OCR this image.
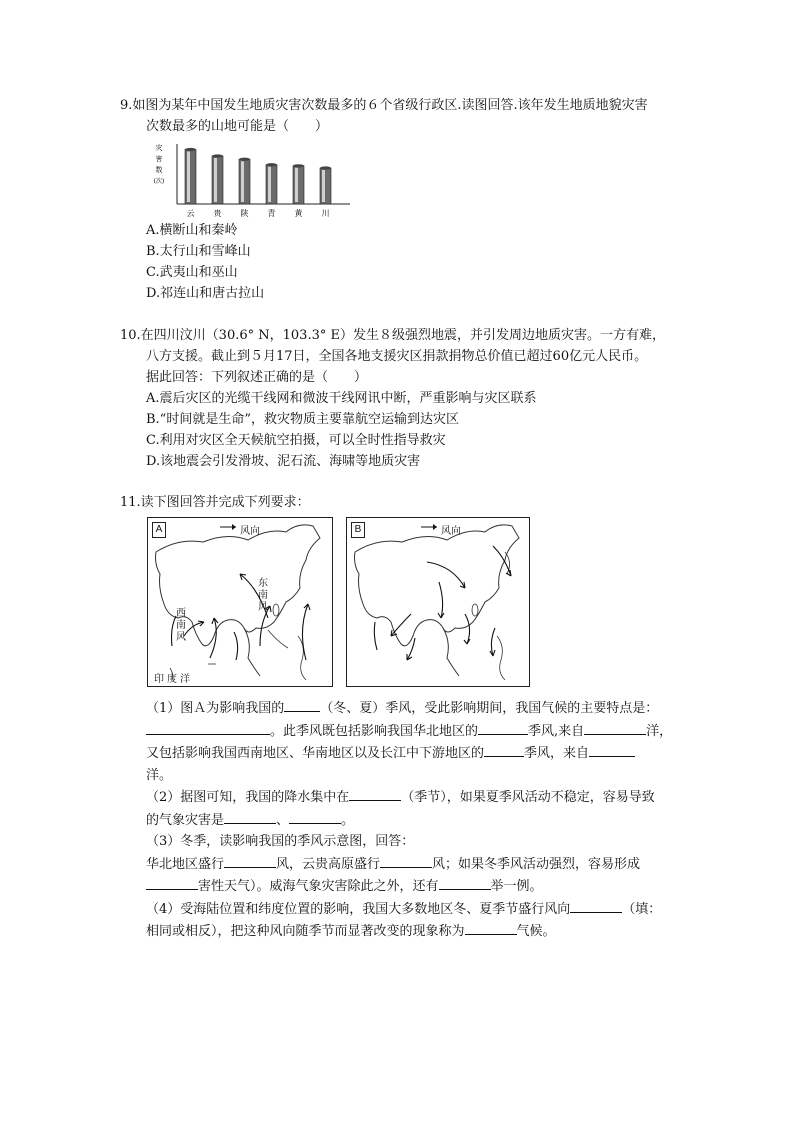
9.如图为某年中国发生地质灾害次数最多的６个省级行政区.读图回答.该年发生地质地貌灾害
次数最多的山地可能是（　　）
灾
害
数
(次)
云 贵 陕 青 黄 川
A.横断山和秦岭
B.太行山和雪峰山
C.武夷山和巫山
D.祁连山和唐古拉山
10.在四川汶川（30.6° N，103.3° E）发生８级强烈地震，并引发周边地质灾害。一方有难，
八方支援。截止到５月17日，全国各地支援灾区捐款捐物总价值已超过60亿元人民币。
据此回答：下列叙述正确的是（　　）
A.震后灾区的光缆干线网和微波干线网讯中断，严重影响与灾区联系
B.“时间就是生命”，救灾物质主要靠航空运输到达灾区
C.利用对灾区全天候航空拍摄，可以全时性指导救灾
D.该地震会引发滑坡、泥石流、海啸等地质灾害
11.读下图回答并完成下列要求：
A	风向
东南风
西南风
印度洋
B	风向
（1）图Ａ为影响我国的	（冬、夏）季风，受此影响期间，我国气候的主要特点是：
。此季风既包括影响我国华北地区的	季风,来自	洋，
又包括影响我国西南地区、华南地区以及长江中下游地区的	季风，来自
洋。
（2）据图可知，我国的降水集中在	（季节），如果夏季风活动不稳定，容易导致
的气象灾害是	、	。
（3）冬季，读影响我国的季风示意图，回答：
华北地区盛行	风，云贵高原盛行	风；如果冬季风活动强烈，容易形成
害性天气）。威海气象灾害除此之外，还有	举一例。
（4）受海陆位置和纬度位置的影响，我国大多数地区冬、夏季节盛行风向	（填：
相同或相反），把这种风向随季节而显著改变的现象称为	气候。
